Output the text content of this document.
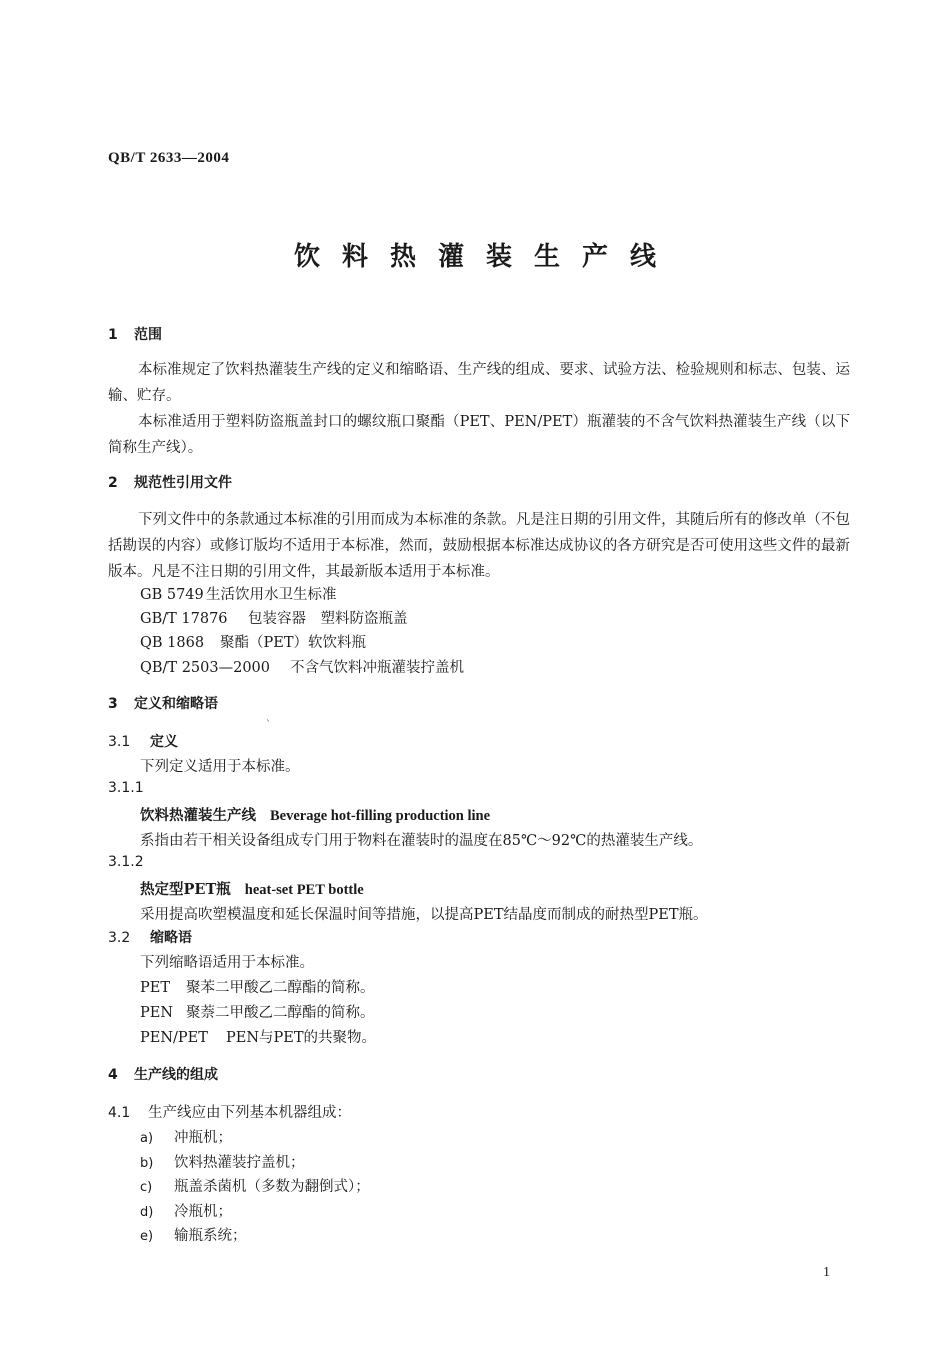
QB/T 2633—2004
饮料热灌装生产线
1 范围
本标准规定了饮料热灌装生产线的定义和缩略语、生产线的组成、要求、试验方法、检验规则和标志、包装、运输、贮存。
本标准适用于塑料防盗瓶盖封口的螺纹瓶口聚酯（PET、PEN/PET）瓶灌装的不含气饮料热灌装生产线（以下简称生产线）。
2 规范性引用文件
下列文件中的条款通过本标准的引用而成为本标准的条款。凡是注日期的引用文件，其随后所有的修改单（不包括勘误的内容）或修订版均不适用于本标准，然而，鼓励根据本标准达成协议的各方研究是否可使用这些文件的最新版本。凡是不注日期的引用文件，其最新版本适用于本标准。
GB 5749 生活饮用水卫生标准
GB/T 17876 包装容器　塑料防盗瓶盖
QB 1868 聚酯（PET）软饮料瓶
QB/T 2503—2000 不含气饮料冲瓶灌装拧盖机
3 定义和缩略语
ˋ
3.1 定义
下列定义适用于本标准。
3.1.1
饮料热灌装生产线 Beverage hot-filling production line
系指由若干相关设备组成专门用于物料在灌装时的温度在85℃～92℃的热灌装生产线。
3.1.2
热定型PET瓶 heat-set PET bottle
采用提高吹塑模温度和延长保温时间等措施，以提高PET结晶度而制成的耐热型PET瓶。
3.2 缩略语
下列缩略语适用于本标准。
PET 聚苯二甲酸乙二醇酯的简称。
PEN 聚萘二甲酸乙二醇酯的简称。
PEN/PET PEN与PET的共聚物。
4 生产线的组成
4.1 生产线应由下列基本机器组成：
a) 冲瓶机；
b) 饮料热灌装拧盖机；
c) 瓶盖杀菌机（多数为翻倒式）；
d) 冷瓶机；
e) 输瓶系统；
1
